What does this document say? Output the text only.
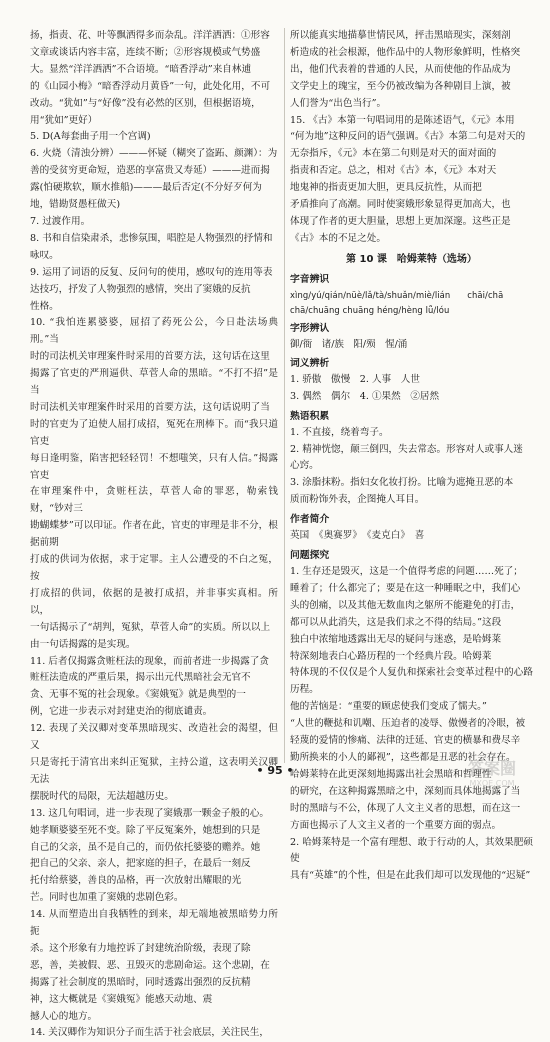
扬，指责、花、叶等飘洒得多而杂乱。洋洋洒洒：①形容

文章或谈话内容丰富，连续不断；②形容规模或气势盛

大。显然“洋洋洒洒”不合语境。“暗香浮动”来自林逋

的《山园小梅》“暗香浮动月黄昏”一句，此处化用，不可

改动。“犹如”与“好像”没有必然的区别，但根据语境，

用“犹如”更好）

5. D(A每套曲子用一个宫调)

6. 火烧（清浊分辨）———怀疑（糊突了盗跖、颜渊）：为

善的受贫穷更命短，造恶的享富贵又寿延）———进而揭

露(怕硬欺软，顺水推船)———最后否定(不分好歹何为

地，错勘贤愚枉做天)

7. 过渡作用。

8. 书和自信染肃杀，悲惨氛围，唱腔是人物强烈的抒情和

咏叹。

9. 运用了词语的反复、反问句的使用，感叹句的连用等表

达技巧，抒发了人物强烈的感情，突出了窦娥的反抗

性格。

10. “我怕连累婆婆，屈招了药死公公，今日赴法场典刑。”当

时的司法机关审理案件时采用的首要方法，这句话在这里

揭露了官吏的严刑逼供、草菅人命的黑暗。“不打不招”是当

时司法机关审理案件时采用的首要方法，这句话说明了当

时的官吏为了迫使人屈打成招，冤死在刑棒下。而“我只道官吏

每日逢明鉴，陷害把轻轻罚！不想嗤笑，只有人信。”揭露官吏

在审理案件中，贪赃枉法，草菅人命的罪恶，勒索钱财，“钞对三

勘蝴蝶梦”可以印证。作者在此，官吏的审理是非不分，根据前期

打成的供词为依据，求于定罪。主人公遭受的不白之冤，按

打成招的供词，依据的是被打成招，并非事实真相。所以，

一句话揭示了“胡判，冤狱，草菅人命”的实质。所以以上

由一句话揭露的是实现。

11. 后者仅揭露贪赃枉法的现象，而前者进一步揭露了贪

赃枉法造成的严重后果，揭示出元代黑暗社会无官不

贪、无事不冤的社会现象。《窦娥冤》就是典型的一

例，它进一步表示对封建吏治的彻底谴责。

12. 表现了关汉卿对变革黑暗现实、改造社会的渴望，但又

只是寄托于清官出来纠正冤狱，主持公道，这表明关汉卿无法

摆脱时代的局限，无法超越历史。

13. 这几句唱词，进一步表现了窦娥那一颗金子般的心。

她孝顺婆婆至死不变。除了平反冤案外，她想到的只是

自己的父亲，虽不是自己的，而仍依托婆婆的赡养。她

把自己的父亲、亲人，把家庭的担子，在最后一刻反

托付给蔡婆，善良的品格，再一次放射出耀眼的光

芒。同时也加重了窦娥的悲剧色彩。

14. 从而塑造出自我牺牲的到来，却无端地被黑暗势力所扼

杀。这个形象有力地控诉了封建统治阶级，表现了除

恶，善，美被假、恶、丑毁灭的悲剧命运。这个悲剧，在

揭露了社会制度的黑暗时，同时透露出强烈的反抗精

神，这大概就是《窦娥冤》能感天动地、震

撼人心的地方。

14. 关汉卿作为知识分子而生活于社会底层，关注民生，

所以能真实地描摹世情民风，抨击黑暗现实，深刻剖

析造成的社会根源，他作品中的人物形象鲜明，性格突

出，他们代表着的普通的人民，从而使他的作品成为

文学史上的瑰宝，至今仍被改编为各种剧目上演，被

人们誉为“出色当行”。

15. 《古》本第一句唱词用的是陈述语气，《元》本用

“何为地”这种反问的语气强调。《古》本第二句是对天的

无奈指斥，《元》本在第二句则是对天的面对面的

指责和否定。总之，相对《古》本，《元》本对天

地鬼神的指责更加大胆，更具反抗性，从而把

矛盾推向了高潮。同时使窦娥形象显得更加高大，也

体现了作者的更大胆量，思想上更加深邃。这些正是

《古》本的不足之处。

第 10 课　哈姆莱特（选场）

字音辨识

xìng/yú/qián/nüè/lǎ/tà/shuǎn/miè/lián　　chāi/chā

chā/chuāng chuāng héng/hèng lǚ/lóu

字形辨认

御/衙　诸/族　阳/殒　惺/涌

词义辨析

1. 骄傲　傲慢　2. 人事　人世

3. 偶然　偶尔　4. ①果然　②居然

熟语积累

1. 不直接，绕着弯子。

2. 精神恍惚，颠三倒四，失去常态。形容对人或事人迷

心窍。

3. 涂脂抹粉。指妇女化妆打扮。比喻为遮掩丑恶的本

质而粉饰外表，企图掩人耳目。

作者简介

英国　《奥赛罗》　《麦克白》　喜

问题探究

1. 生存还是毁灭，这是一个值得考虑的问题……死了；

睡着了；什么都完了；要是在这一种睡眠之中，我们心

头的创痛，以及其他无数血肉之躯所不能避免的打击，

都可以从此消失，这是我们求之不得的结局。”这段

独白中浓缩地透露出无尽的疑问与迷惑，是哈姆莱

特深刻地表白心路历程的一个经典片段。哈姆莱

特体现的不仅仅是个人复仇和探索社会变革过程中的心路历程。

他的苦恼是：“重要的顾虑使我们变成了懦夫。”

“人世的鞭挞和讥嘲、压迫者的凌辱、傲慢者的冷眼，被

轻蔑的爱情的惨痛、法律的迁延、官吏的横暴和费尽辛

勤所换来的小人的鄙视”，这些都是丑恶的社会存在。

哈姆莱特在此更深刻地揭露出社会黑暗和哲理性

的研究，在这种揭露黑暗之中，深刻而具体地揭露了当

时的黑暗与不公，体现了人文主义者的思想，而在这一

方面也揭示了人文主义者的一个重要方面的弱点。

2. 哈姆莱特是一个富有理想、敢于行动的人，其效果肥硕使

具有“英雄”的个性，但是在此我们却可以发现他的“迟疑”

• 95 •	答案圈
MXQE.COM
